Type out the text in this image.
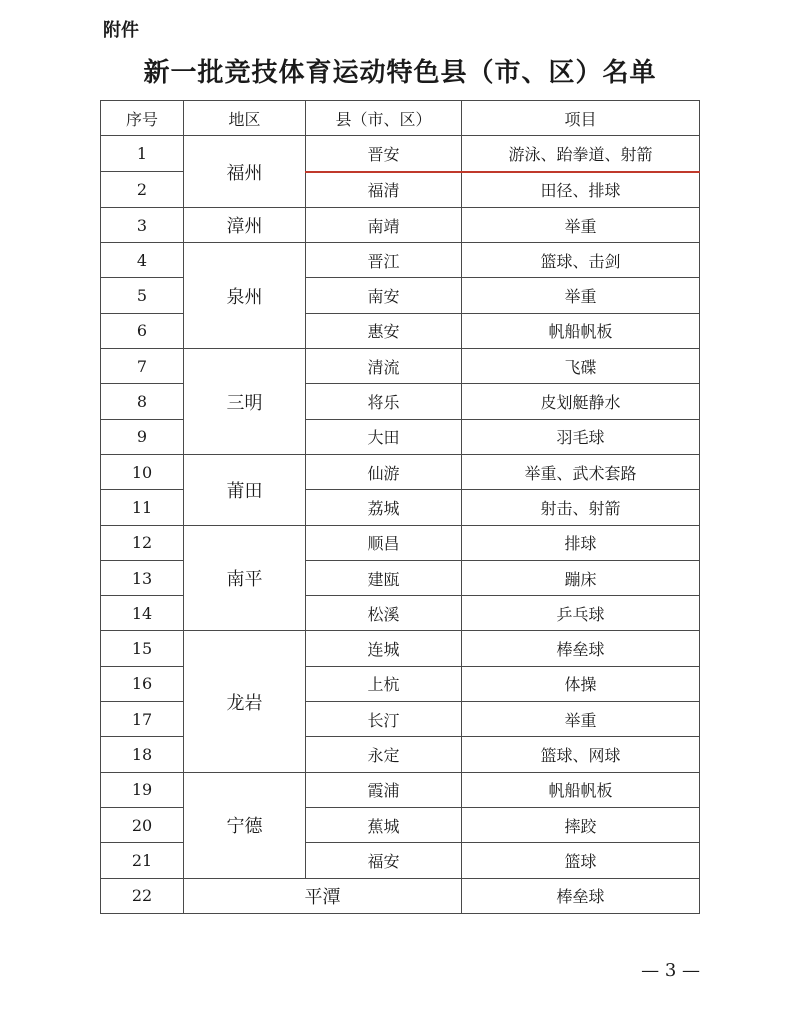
附件
新一批竞技体育运动特色县（市、区）名单
序号	地区	县（市、区）	项目
1	福州	晋安	游泳、跆拳道、射箭
2		福清	田径、排球
3	漳州	南靖	举重
4	泉州	晋江	篮球、击剑
5		南安	举重
6		惠安	帆船帆板
7	三明	清流	飞碟
8		将乐	皮划艇静水
9		大田	羽毛球
10	莆田	仙游	举重、武术套路
11		荔城	射击、射箭
12	南平	顺昌	排球
13		建瓯	蹦床
14		松溪	乒乓球
15	龙岩	连城	棒垒球
16		上杭	体操
17		长汀	举重
18		永定	篮球、网球
19	宁德	霞浦	帆船帆板
20		蕉城	摔跤
21		福安	篮球
22	平潭		棒垒球
— 3 —
